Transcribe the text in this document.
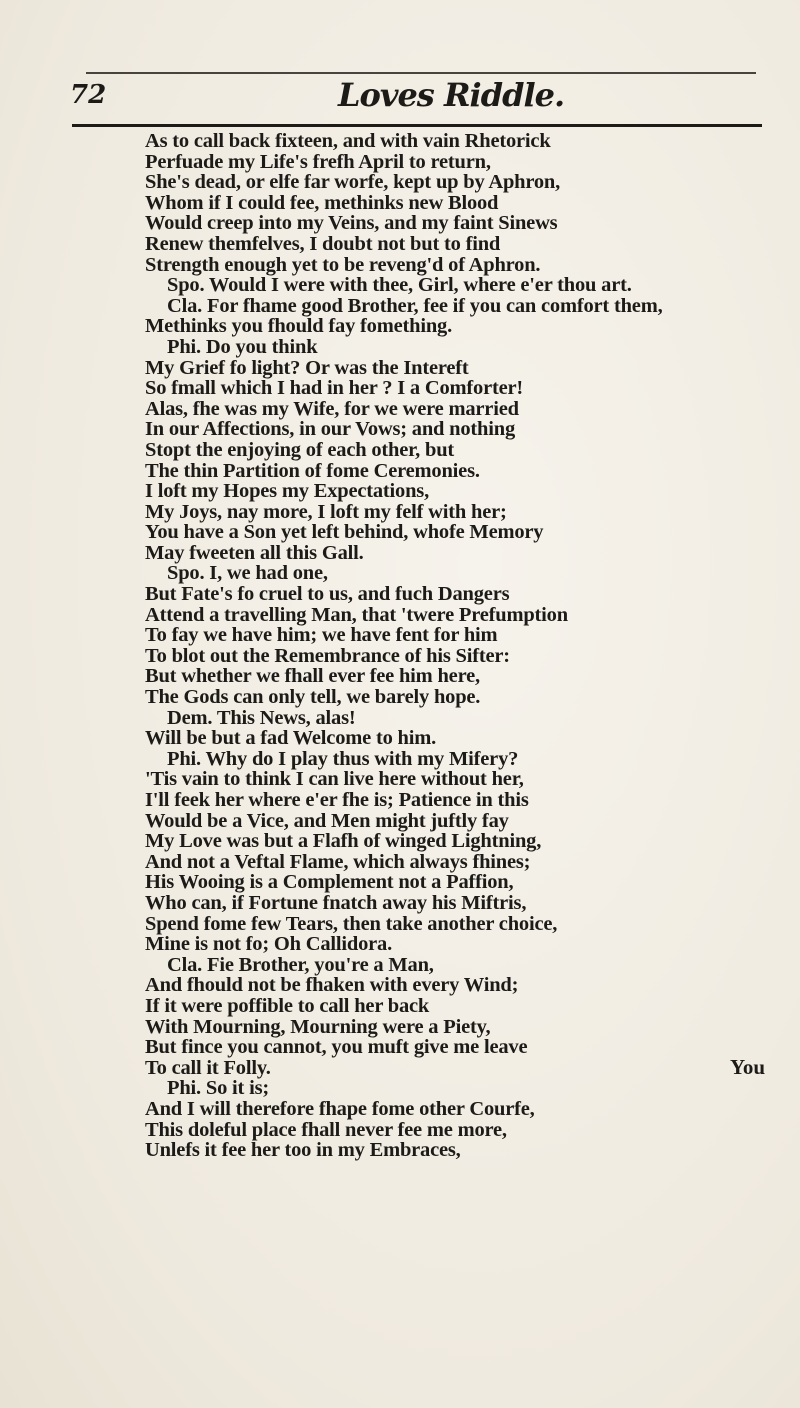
72	Loves Riddle.
As to call back fixteen, and with vain Rhetorick
Perfuade my Life's frefh April to return,
She's dead, or elfe far worfe, kept up by Aphron,
Whom if I could fee, methinks new Blood
Would creep into my Veins, and my faint Sinews
Renew themfelves, I doubt not but to find
Strength enough yet to be reveng'd of Aphron.
Spo. Would I were with thee, Girl, where e'er thou art.
Cla. For fhame good Brother, fee if you can comfort them,
Methinks you fhould fay fomething.
Phi. Do you think
My Grief fo light? Or was the Intereft
So fmall which I had in her ? I a Comforter!
Alas, fhe was my Wife, for we were married
In our Affections, in our Vows; and nothing
Stopt the enjoying of each other, but
The thin Partition of fome Ceremonies.
I loft my Hopes my Expectations,
My Joys, nay more, I loft my felf with her;
You have a Son yet left behind, whofe Memory
May fweeten all this Gall.
Spo. I, we had one,
But Fate's fo cruel to us, and fuch Dangers
Attend a travelling Man, that 'twere Prefumption
To fay we have him; we have fent for him
To blot out the Remembrance of his Sifter:
But whether we fhall ever fee him here,
The Gods can only tell, we barely hope.
Dem. This News, alas!
Will be but a fad Welcome to him.
Phi. Why do I play thus with my Mifery?
'Tis vain to think I can live here without her,
I'll feek her where e'er fhe is; Patience in this
Would be a Vice, and Men might juftly fay
My Love was but a Flafh of winged Lightning,
And not a Veftal Flame, which always fhines;
His Wooing is a Complement not a Paffion,
Who can, if Fortune fnatch away his Miftris,
Spend fome few Tears, then take another choice,
Mine is not fo; Oh Callidora.
Cla. Fie Brother, you're a Man,
And fhould not be fhaken with every Wind;
If it were poffible to call her back
With Mourning, Mourning were a Piety,
But fince you cannot, you muft give me leave
To call it Folly.
Phi. So it is;
And I will therefore fhape fome other Courfe,
This doleful place fhall never fee me more,
Unlefs it fee her too in my Embraces,
You
